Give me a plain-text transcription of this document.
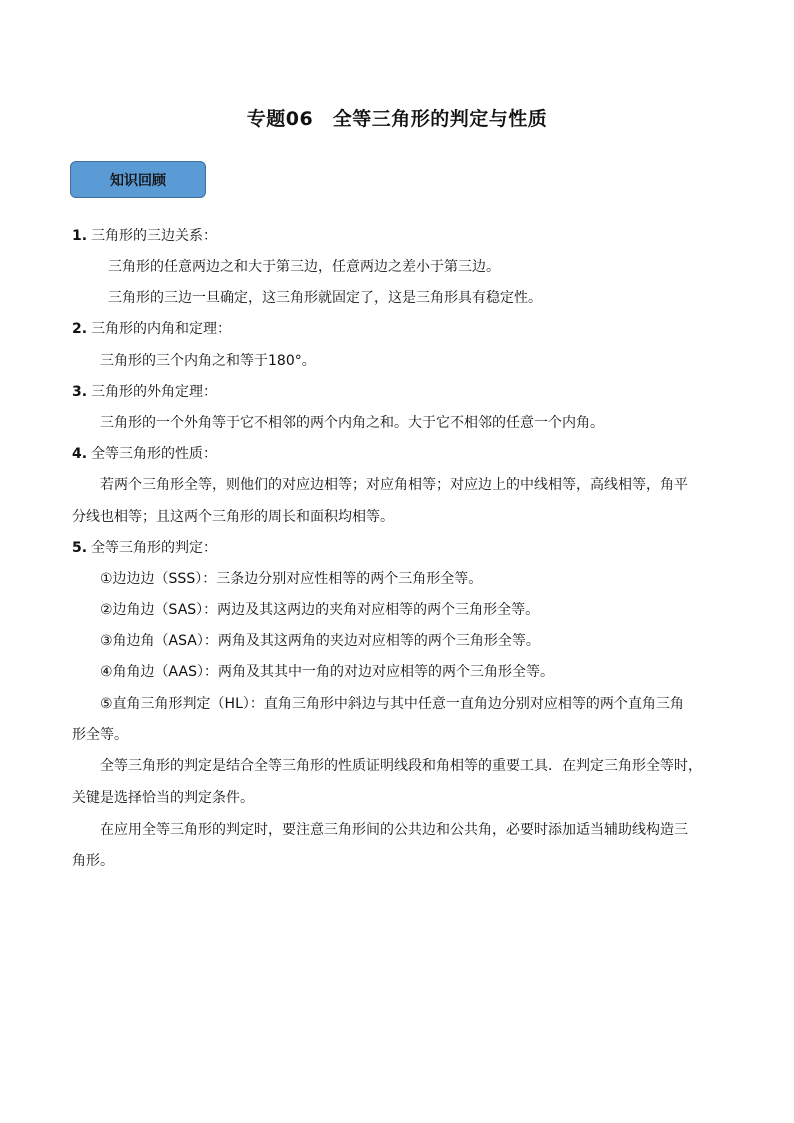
专题06　全等三角形的判定与性质
知识回顾
1. 三角形的三边关系：
三角形的任意两边之和大于第三边，任意两边之差小于第三边。
三角形的三边一旦确定，这三角形就固定了，这是三角形具有稳定性。
2. 三角形的内角和定理：
三角形的三个内角之和等于180°。
3. 三角形的外角定理：
三角形的一个外角等于它不相邻的两个内角之和。大于它不相邻的任意一个内角。
4. 全等三角形的性质：
若两个三角形全等，则他们的对应边相等；对应角相等；对应边上的中线相等，高线相等，角平
分线也相等；且这两个三角形的周长和面积均相等。
5. 全等三角形的判定：
①边边边（SSS）：三条边分别对应性相等的两个三角形全等。
②边角边（SAS）：两边及其这两边的夹角对应相等的两个三角形全等。
③角边角（ASA）：两角及其这两角的夹边对应相等的两个三角形全等。
④角角边（AAS）：两角及其其中一角的对边对应相等的两个三角形全等。
⑤直角三角形判定（HL）：直角三角形中斜边与其中任意一直角边分别对应相等的两个直角三角
形全等。
全等三角形的判定是结合全等三角形的性质证明线段和角相等的重要工具．在判定三角形全等时，
关键是选择恰当的判定条件。
在应用全等三角形的判定时，要注意三角形间的公共边和公共角，必要时添加适当辅助线构造三
角形。
